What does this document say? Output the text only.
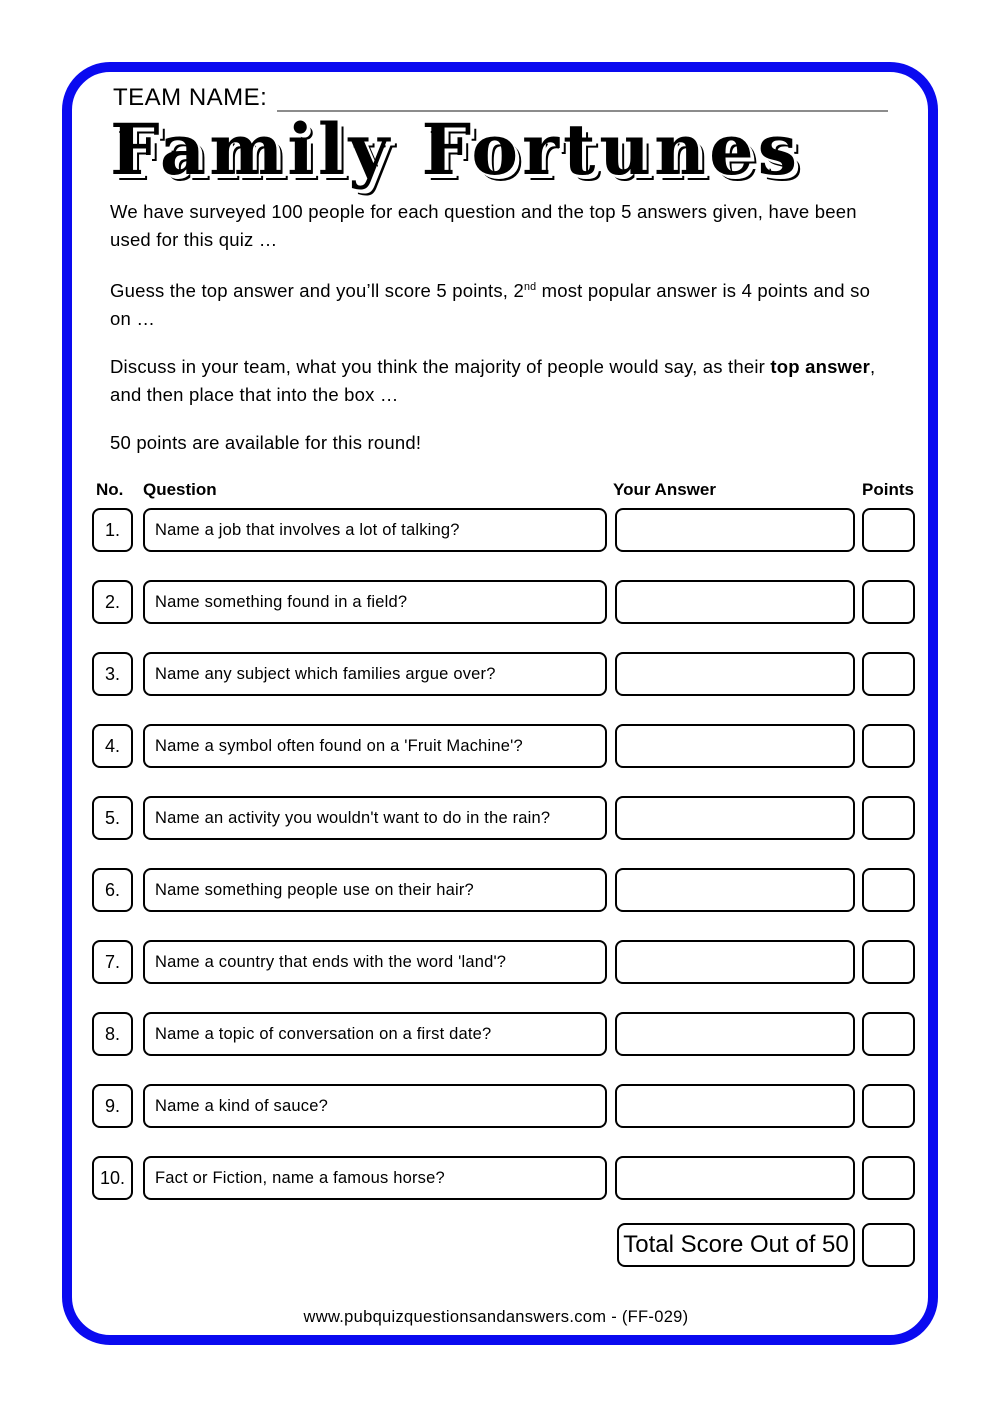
TEAM NAME:
Family Fortunes

We have surveyed 100 people for each question and the top 5 answers given, have been used for this quiz …

Guess the top answer and you’ll score 5 points, 2nd most popular answer is 4 points and so on …

Discuss in your team, what you think the majority of people would say, as their top answer, and then place that into the box …

50 points are available for this round!

No. Question	Your Answer	Points
1.	Name a job that involves a lot of talking?
2.	Name something found in a field?
3.	Name any subject which families argue over?
4.	Name a symbol often found on a 'Fruit Machine'?
5.	Name an activity you wouldn't want to do in the rain?
6.	Name something people use on their hair?
7.	Name a country that ends with the word 'land'?
8.	Name a topic of conversation on a first date?
9.	Name a kind of sauce?
10.	Fact or Fiction, name a famous horse?
Total Score Out of 50
www.pubquizquestionsandanswers.com - (FF-029)
